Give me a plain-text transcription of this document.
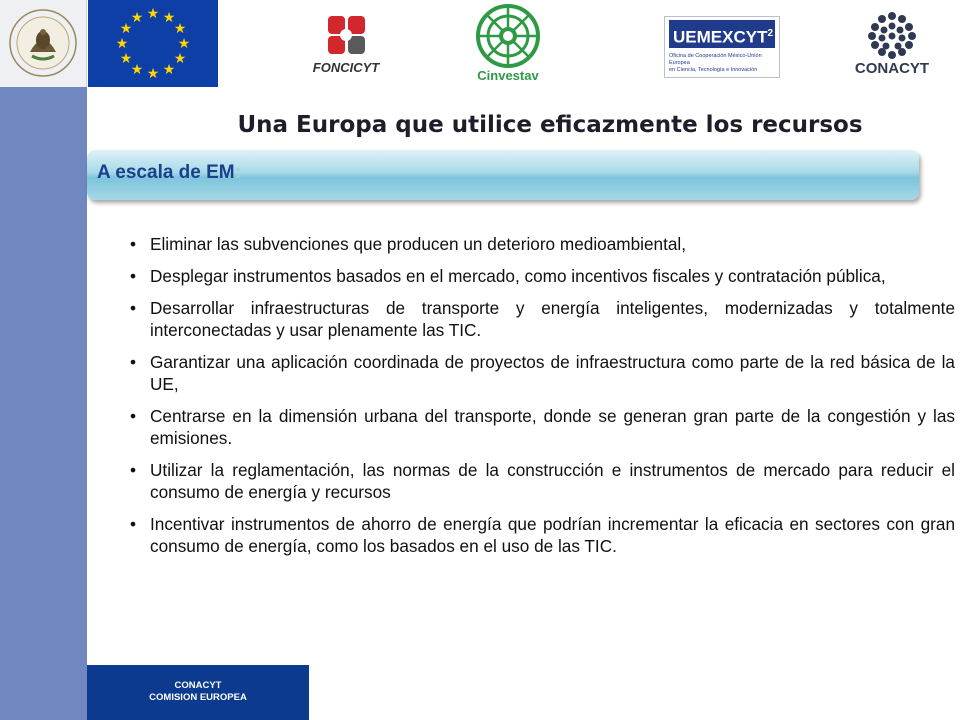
★ ★
★
★
★
★
★
★
★
★
★
★
FONCICYT
Cinvestav
UEMEXCYT$^2$
Oficina de Cooperación México-Unión Europea
en Ciencia, Tecnología e Innovación	CONACYT
Una Europa que utilice eficazmente los recursos
A escala de EM:
• Eliminar las subvenciones que producen un deterioro medioambiental,
• Desplegar instrumentos basados en el mercado, como incentivos fiscales y contratación pública,
• Desarrollar infraestructuras de transporte y energía inteligentes, modernizadas y totalmente interconectadas y usar plenamente las TIC.
• Garantizar una aplicación coordinada de proyectos de infraestructura como parte de la red básica de la UE,
• Centrarse en la dimensión urbana del transporte, donde se generan gran parte de la congestión y las emisiones.
• Utilizar la reglamentación, las normas de la construcción e instrumentos de mercado para reducir el consumo de energía y recursos
• Incentivar instrumentos de ahorro de energía que podrían incrementar la eficacia en sectores con gran consumo de energía, como los basados en el uso de las TIC.
CONACYT
COMISION EUROPEA
